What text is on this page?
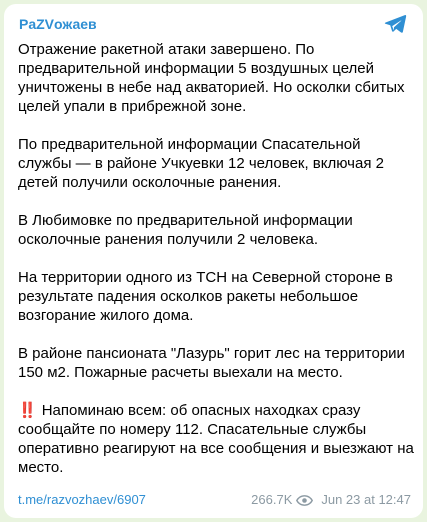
PaZVожаев

Отражение ракетной атаки завершено. По предварительной информации 5 воздушных целей уничтожены в небе над акваторией. Но осколки сбитых целей упали в прибрежной зоне.

По предварительной информации Спасательной службы — в районе Учкуевки 12 человек, включая 2 детей получили осколочные ранения.

В Любимовке по предварительной информации осколочные ранения получили 2 человека.

На территории одного из ТСН на Северной стороне в результате падения осколков ракеты небольшое возгорание жилого дома.

В районе пансионата "Лазурь" горит лес на территории 150 м2. Пожарные расчеты выехали на место.

‼️ Напоминаю всем: об опасных находках сразу сообщайте по номеру 112. Спасательные службы оперативно реагируют на все сообщения и выезжают на место.

t.me/razvozhaev/6907	266.7K Jun 23 at 12:47
